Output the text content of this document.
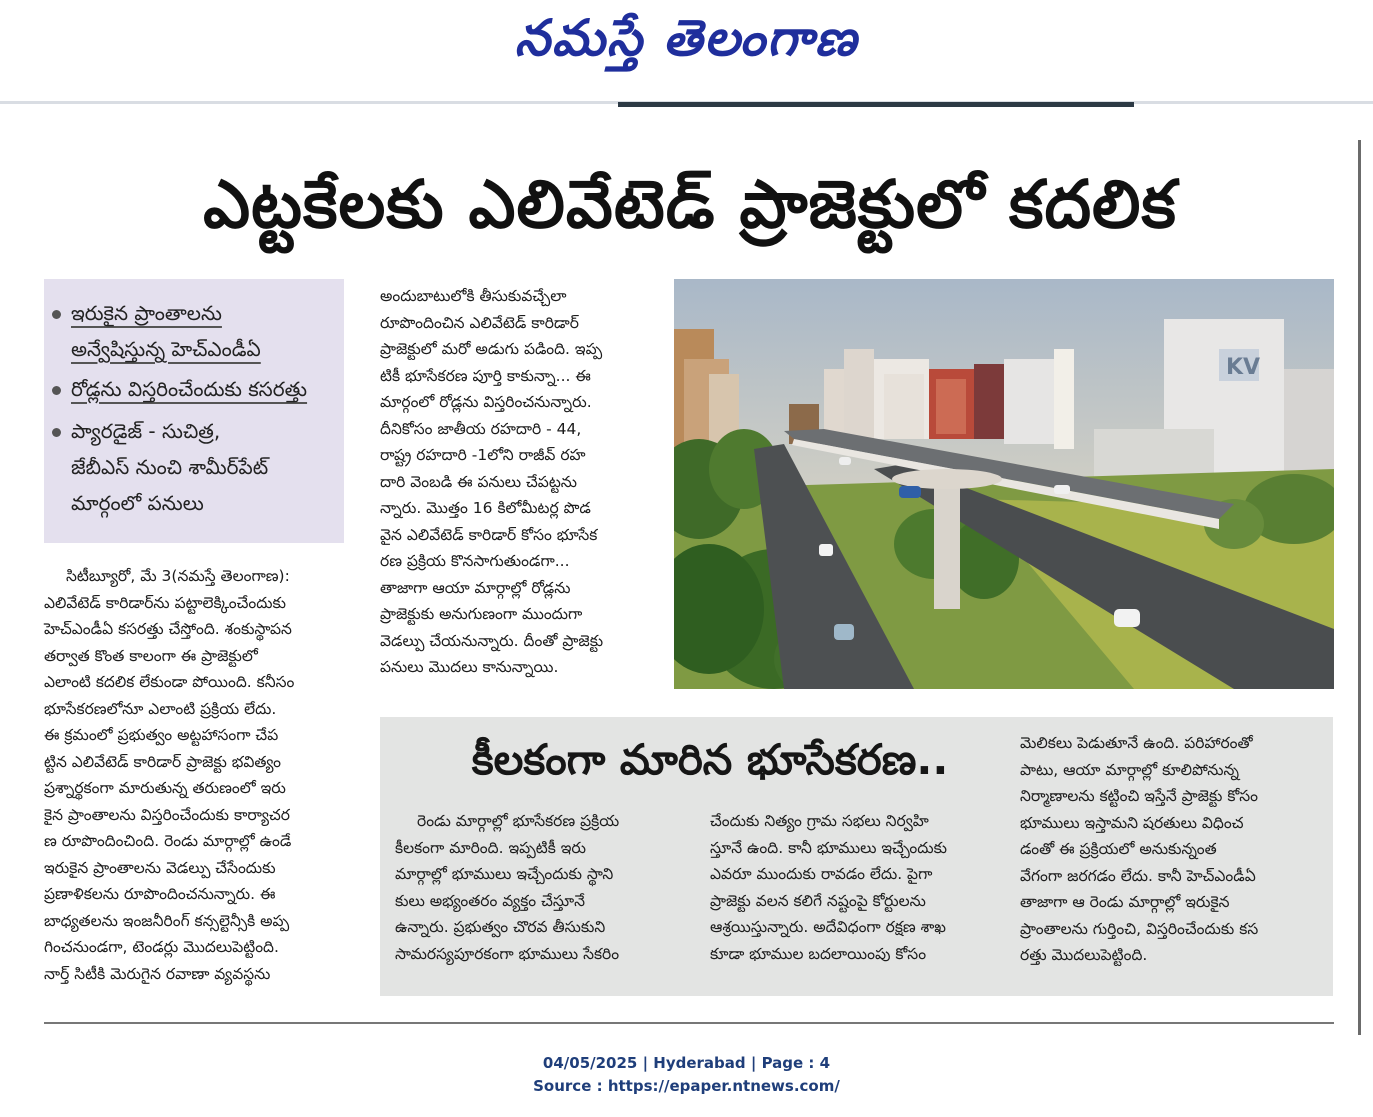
నమస్తే తెలంగాణ
ఎట్టకేలకు ఎలివేటెడ్ ప్రాజెక్టులో కదలిక
ఇరుకైన ప్రాంతాలను
అన్వేషిస్తున్న హెచ్ఎండీఏ
రోడ్లను విస్తరించేందుకు కసరత్తు
ప్యారడైజ్ - సుచిత్ర,
జేబీఎస్ నుంచి శామీర్‌పేట్
మార్గంలో పనులు

సిటీబ్యూరో, మే 3(నమస్తే తెలంగాణ):

ఎలివేటెడ్ కారిడార్‌ను పట్టాలెక్కించేందుకు

హెచ్ఎండీఏ కసరత్తు చేస్తోంది. శంకుస్థాపన

తర్వాత కొంత కాలంగా ఈ ప్రాజెక్టులో

ఎలాంటి కదలిక లేకుండా పోయింది. కనీసం

భూసేకరణలోనూ ఎలాంటి ప్రక్రియ లేదు.

ఈ క్రమంలో ప్రభుత్వం అట్టహాసంగా చేప

ట్టిన ఎలివేటెడ్ కారిడార్ ప్రాజెక్టు భవిత్యం

ప్రశ్నార్థకంగా మారుతున్న తరుణంలో ఇరు

కైన ప్రాంతాలను విస్తరించేందుకు కార్యాచర

ణ రూపొందించింది. రెండు మార్గాల్లో ఉండే

ఇరుకైన ప్రాంతాలను వెడల్పు చేసేందుకు

ప్రణాళికలను రూపొందించనున్నారు. ఈ

బాధ్యతలను ఇంజనీరింగ్ కన్సల్టెన్సీకి అప్ప

గించనుండగా, టెండర్లు మొదలుపెట్టింది.

నార్త్ సిటీకి మెరుగైన రవాణా వ్యవస్థను

అందుబాటులోకి తీసుకువచ్చేలా

రూపొందించిన ఎలివేటెడ్ కారిడార్

ప్రాజెక్టులో మరో అడుగు పడింది. ఇప్ప

టికీ భూసేకరణ పూర్తి కాకున్నా... ఈ

మార్గంలో రోడ్లను విస్తరించనున్నారు.

దీనికోసం జాతీయ రహదారి - 44,

రాష్ట్ర రహదారి -1లోని రాజీవ్ రహ

దారి వెంబడి ఈ పనులు చేపట్టను

న్నారు. మొత్తం 16 కిలోమీటర్ల పొడ

వైన ఎలివేటెడ్ కారిడార్ కోసం భూసేక

రణ ప్రక్రియ కొనసాగుతుండగా...

తాజాగా ఆయా మార్గాల్లో రోడ్లను

ప్రాజెక్టుకు అనుగుణంగా ముందుగా

వెడల్పు చేయనున్నారు. దీంతో ప్రాజెక్టు

పనులు మొదలు కానున్నాయి.

KV
కీలకంగా మారిన భూసేకరణ..

రెండు మార్గాల్లో భూసేకరణ ప్రక్రియ

కీలకంగా మారింది. ఇప్పటికీ ఇరు

మార్గాల్లో భూములు ఇచ్చేందుకు స్థాని

కులు అభ్యంతరం వ్యక్తం చేస్తూనే

ఉన్నారు. ప్రభుత్వం చొరవ తీసుకుని

సామరస్యపూరకంగా భూములు సేకరిం

చేందుకు నిత్యం గ్రామ సభలు నిర్వహి

స్తూనే ఉంది. కానీ భూములు ఇచ్చేందుకు

ఎవరూ ముందుకు రావడం లేదు. పైగా

ప్రాజెక్టు వలన కలిగే నష్టంపై కోర్టులను

ఆశ్రయిస్తున్నారు. అదేవిధంగా రక్షణ శాఖ

కూడా భూముల బదలాయింపు కోసం

మెలికలు పెడుతూనే ఉంది. పరిహారంతో

పాటు, ఆయా మార్గాల్లో కూలిపోనున్న

నిర్మాణాలను కట్టించి ఇస్తేనే ప్రాజెక్టు కోసం

భూములు ఇస్తామని షరతులు విధించ

డంతో ఈ ప్రక్రియలో అనుకున్నంత

వేగంగా జరగడం లేదు. కానీ హెచ్ఎండీఏ

తాజాగా ఆ రెండు మార్గాల్లో ఇరుకైన

ప్రాంతాలను గుర్తించి, విస్తరించేందుకు కస

రత్తు మొదలుపెట్టింది.

04/05/2025 | Hyderabad | Page : 4
Source : https://epaper.ntnews.com/
